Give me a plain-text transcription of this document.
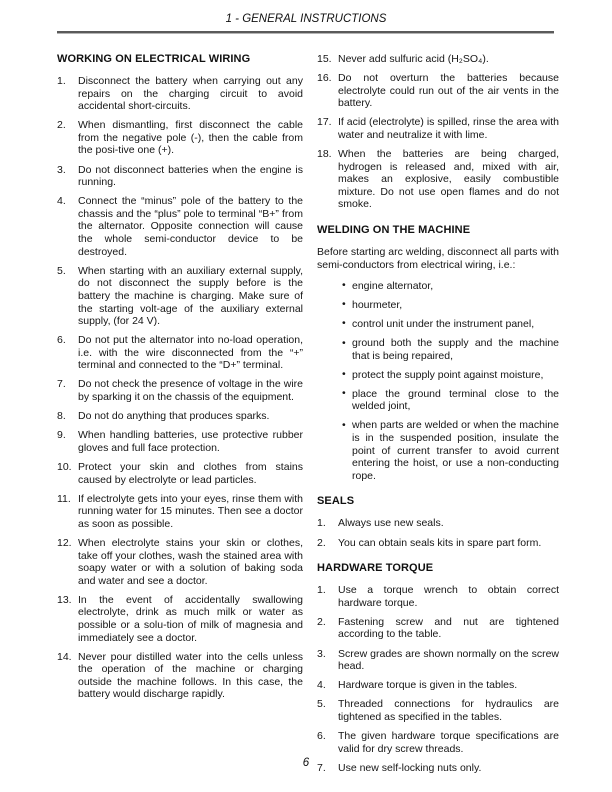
1 - GENERAL INSTRUCTIONS
WORKING ON ELECTRICAL WIRING
1. Disconnect the battery when carrying out any repairs on the charging circuit to avoid accidental short-circuits.
2. When dismantling, first disconnect the cable from the negative pole (-), then the cable from the posi-tive one (+).
3. Do not disconnect batteries when the engine is running.
4. Connect the “minus” pole of the battery to the chassis and the “plus” pole to terminal “B+” from the alternator. Opposite connection will cause the whole semi-conductor device to be destroyed.
5. When starting with an auxiliary external supply, do not disconnect the supply before is the battery the machine is charging. Make sure of the starting volt-age of the auxiliary external supply, (for 24 V).
6. Do not put the alternator into no-load operation, i.e. with the wire disconnected from the “+” terminal and connected to the “D+” terminal.
7. Do not check the presence of voltage in the wire by sparking it on the chassis of the equipment.
8. Do not do anything that produces sparks.
9. When handling batteries, use protective rubber gloves and full face protection.
10. Protect your skin and clothes from stains caused by electrolyte or lead particles.
11. If electrolyte gets into your eyes, rinse them with running water for 15 minutes. Then see a doctor as soon as possible.
12. When electrolyte stains your skin or clothes, take off your clothes, wash the stained area with soapy water or with a solution of baking soda and water and see a doctor.
13. In the event of accidentally swallowing electrolyte, drink as much milk or water as possible or a solu-tion of milk of magnesia and immediately see a doctor.
14. Never pour distilled water into the cells unless the operation of the machine or charging outside the machine follows. In this case, the battery would discharge rapidly.
15. Never add sulfuric acid (H₂SO₄).
16. Do not overturn the batteries because electrolyte could run out of the air vents in the battery.
17. If acid (electrolyte) is spilled, rinse the area with water and neutralize it with lime.
18. When the batteries are being charged, hydrogen is released and, mixed with air, makes an explosive, easily combustible mixture. Do not use open flames and do not smoke.
WELDING ON THE MACHINE
Before starting arc welding, disconnect all parts with semi-conductors from electrical wiring, i.e.:
• engine alternator,
• hourmeter,
• control unit under the instrument panel,
• ground both the supply and the machine that is being repaired,
• protect the supply point against moisture,
• place the ground terminal close to the welded joint,
• when parts are welded or when the machine is in the suspended position, insulate the point of current transfer to avoid current entering the hoist, or use a non-conducting rope.
SEALS
1. Always use new seals.
2. You can obtain seals kits in spare part form.
HARDWARE TORQUE
1. Use a torque wrench to obtain correct hardware torque.
2. Fastening screw and nut are tightened according to the table.
3. Screw grades are shown normally on the screw head.
4. Hardware torque is given in the tables.
5. Threaded connections for hydraulics are tightened as specified in the tables.
6. The given hardware torque specifications are valid for dry screw threads.
7. Use new self-locking nuts only.
6
